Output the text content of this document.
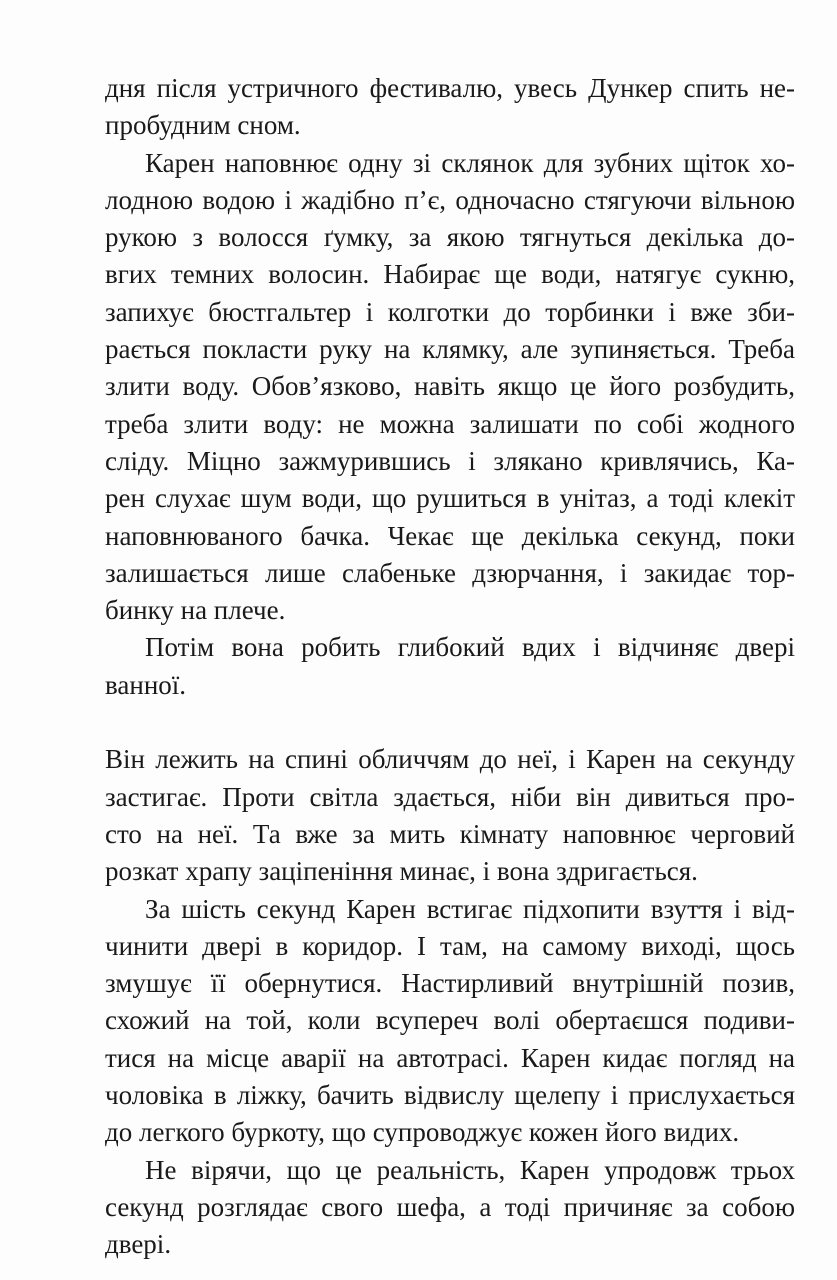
дня після устричного фестивалю, увесь Дункер спить не-
пробудним сном.
Карен наповнює одну зі склянок для зубних щіток хо-
лодною водою і жадібно п’є, одночасно стягуючи вільною
рукою з волосся ґумку, за якою тягнуться декілька до-
вгих темних волосин. Набирає ще води, натягує сукню,
запихує бюстгальтер і колготки до торбинки і вже зби-
рається покласти руку на клямку, але зупиняється. Треба
злити воду. Обов’язково, навіть якщо це його розбудить,
треба злити воду: не можна залишати по собі жодного
сліду. Міцно зажмурившись і злякано кривлячись, Ка-
рен слухає шум води, що рушиться в унітаз, а тоді клекіт
наповнюваного бачка. Чекає ще декілька секунд, поки
залишається лише слабеньке дзюрчання, і закидає тор-
бинку на плече.
Потім вона робить глибокий вдих і відчиняє двері
ванної.
Він лежить на спині обличчям до неї, і Карен на секунду
застигає. Проти світла здається, ніби він дивиться про-
сто на неї. Та вже за мить кімнату наповнює черговий
розкат храпу заціпеніння минає, і вона здригається.
За шість секунд Карен встигає підхопити взуття і від-
чинити двері в коридор. І там, на самому виході, щось
змушує її обернутися. Настирливий внутрішній позив,
схожий на той, коли всупереч волі обертаєшся подиви-
тися на місце аварії на автотрасі. Карен кидає погляд на
чоловіка в ліжку, бачить відвислу щелепу і прислухається
до легкого буркоту, що супроводжує кожен його видих.
Не вірячи, що це реальність, Карен упродовж трьох
секунд розглядає свого шефа, а тоді причиняє за собою
двері.
